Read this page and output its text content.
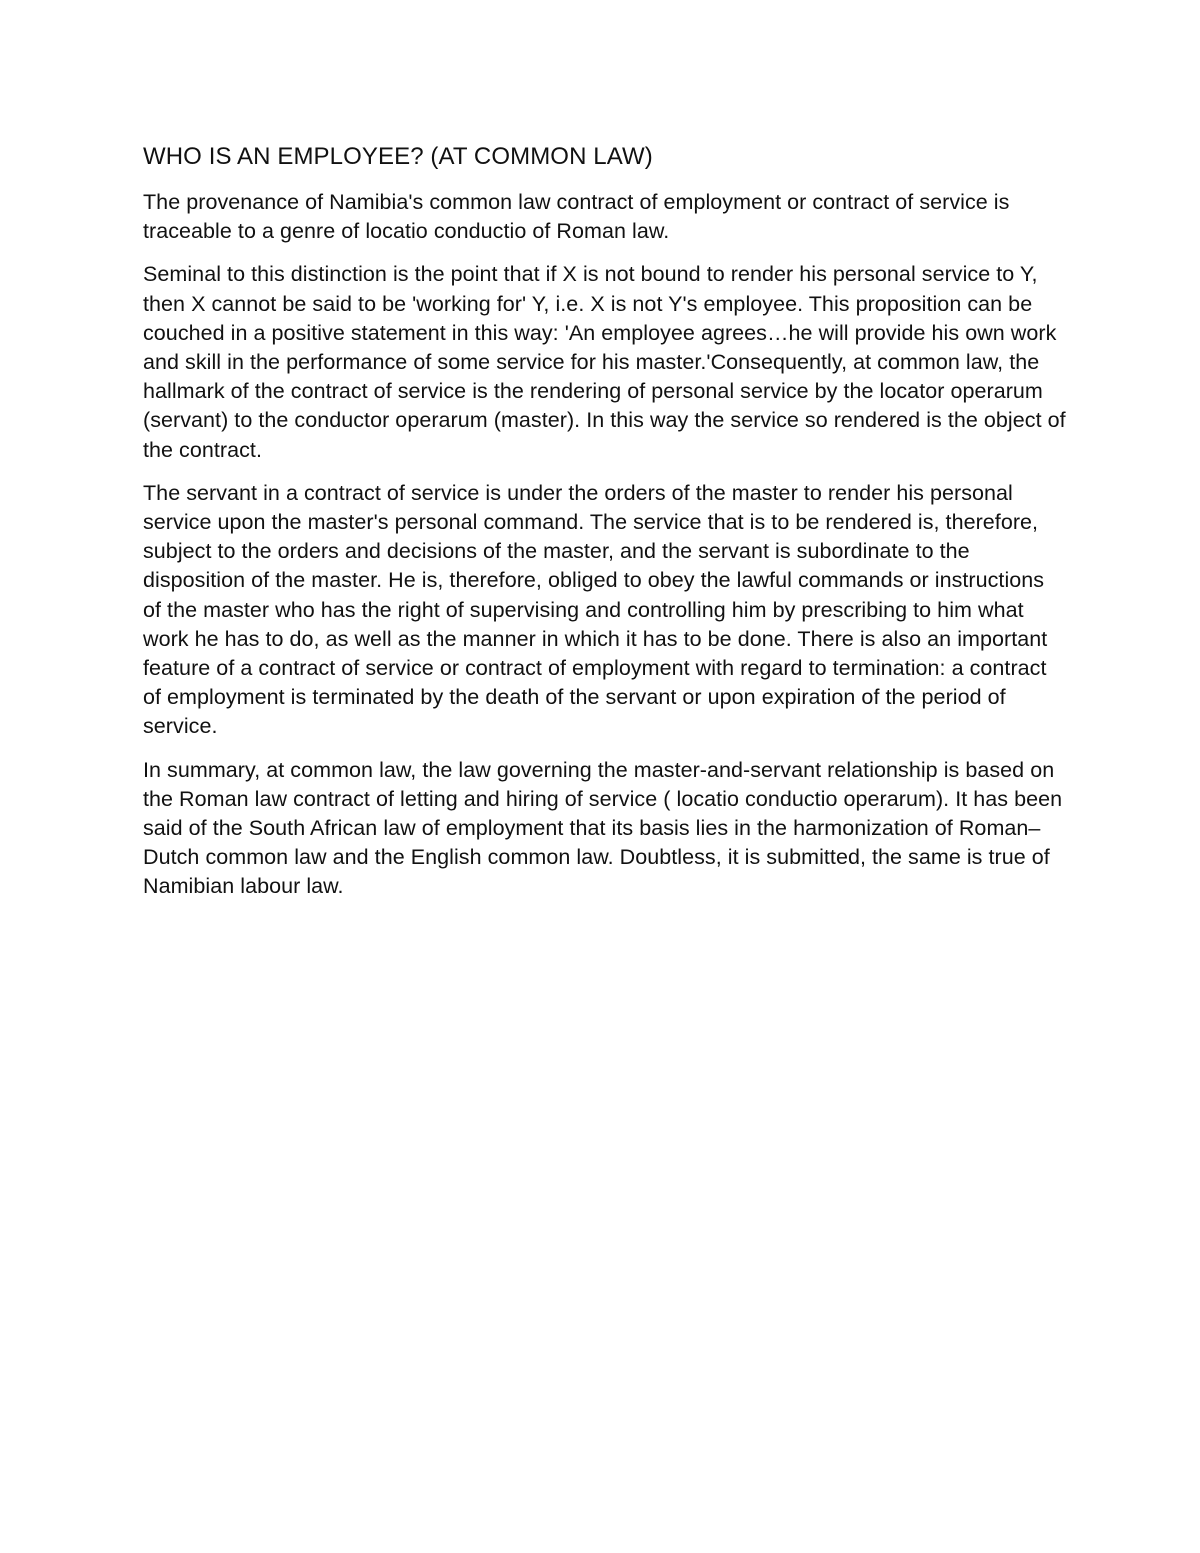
WHO IS AN EMPLOYEE? (AT COMMON LAW)

The provenance of Namibia's common law contract of employment or contract of service is traceable to a genre of locatio conductio of Roman law.

Seminal to this distinction is the point that if X is not bound to render his personal service to Y, then X cannot be said to be 'working for' Y, i.e. X is not Y's employee. This proposition can be couched in a positive statement in this way: 'An employee agrees…he will provide his own work and skill in the performance of some service for his master.'Consequently, at common law, the hallmark of the contract of service is the rendering of personal service by the locator operarum (servant) to the conductor operarum (master). In this way the service so rendered is the object of the contract.

The servant in a contract of service is under the orders of the master to render his personal service upon the master's personal command. The service that is to be rendered is, therefore, subject to the orders and decisions of the master, and the servant is subordinate to the disposition of the master. He is, therefore, obliged to obey the lawful commands or instructions of the master who has the right of supervising and controlling him by prescribing to him what work he has to do, as well as the manner in which it has to be done. There is also an important feature of a contract of service or contract of employment with regard to termination: a contract of employment is terminated by the death of the servant or upon expiration of the period of service.

In summary, at common law, the law governing the master-and-servant relationship is based on the Roman law contract of letting and hiring of service ( locatio conductio operarum). It has been said of the South African law of employment that its basis lies in the harmonization of Roman–Dutch common law and the English common law. Doubtless, it is submitted, the same is true of Namibian labour law.
